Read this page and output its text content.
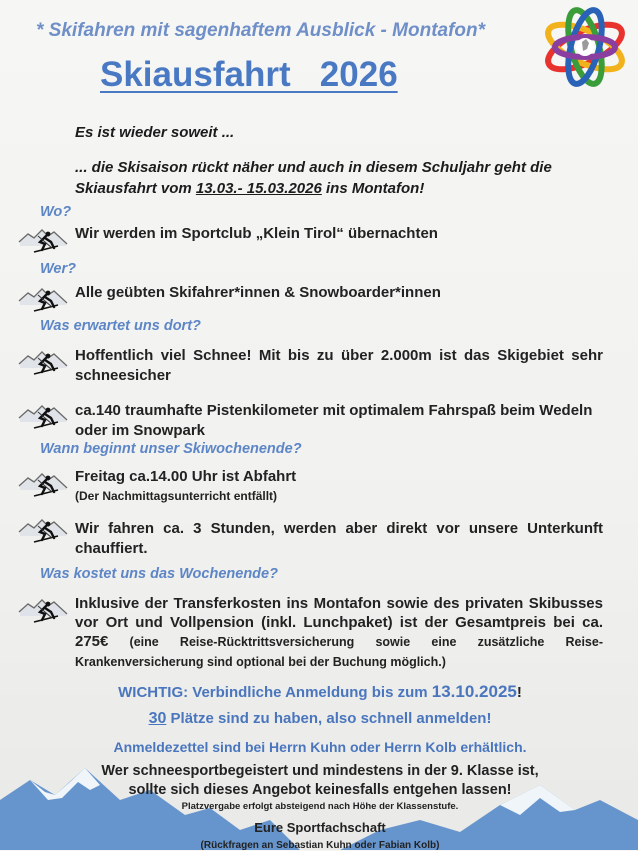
* Skifahren mit sagenhaftem Ausblick - Montafon*
Skiausfahrt   2026
Es ist wieder soweit ...
... die Skisaison rückt näher und auch in diesem Schuljahr geht die Skiausfahrt vom 13.03.- 15.03.2026 ins Montafon!
Wo?
Wir werden im Sportclub „Klein Tirol“ übernachten
Wer?
Alle geübten Skifahrer*innen & Snowboarder*innen
Was erwartet uns dort?
Hoffentlich viel Schnee! Mit bis zu über 2.000m ist das Skigebiet sehr schneesicher
ca.140 traumhafte Pistenkilometer mit optimalem Fahrspaß beim Wedeln oder im Snowpark
Wann beginnt unser Skiwochenende?
Freitag ca.14.00 Uhr ist Abfahrt
(Der Nachmittagsunterricht entfällt)
Wir fahren ca. 3 Stunden, werden aber direkt vor unsere Unterkunft chauffiert.
Was kostet uns das Wochenende?
Inklusive der Transferkosten ins Montafon sowie des privaten Skibusses vor Ort und Vollpension (inkl. Lunchpaket) ist der Gesamtpreis bei ca. 275€ (eine Reise-Rücktrittsversicherung sowie eine zusätzliche Reise-Krankenversicherung sind optional bei der Buchung möglich.)
WICHTIG: Verbindliche Anmeldung bis zum 13.10.2025!
30 Plätze sind zu haben, also schnell anmelden!
Anmeldezettel sind bei Herrn Kuhn oder Herrn Kolb erhältlich.
Wer schneesportbegeistert und mindestens in der 9. Klasse ist,
sollte sich dieses Angebot keinesfalls entgehen lassen!
Platzvergabe erfolgt absteigend nach Höhe der Klassenstufe.
Eure Sportfachschaft
(Rückfragen an Sebastian Kuhn oder Fabian Kolb)
